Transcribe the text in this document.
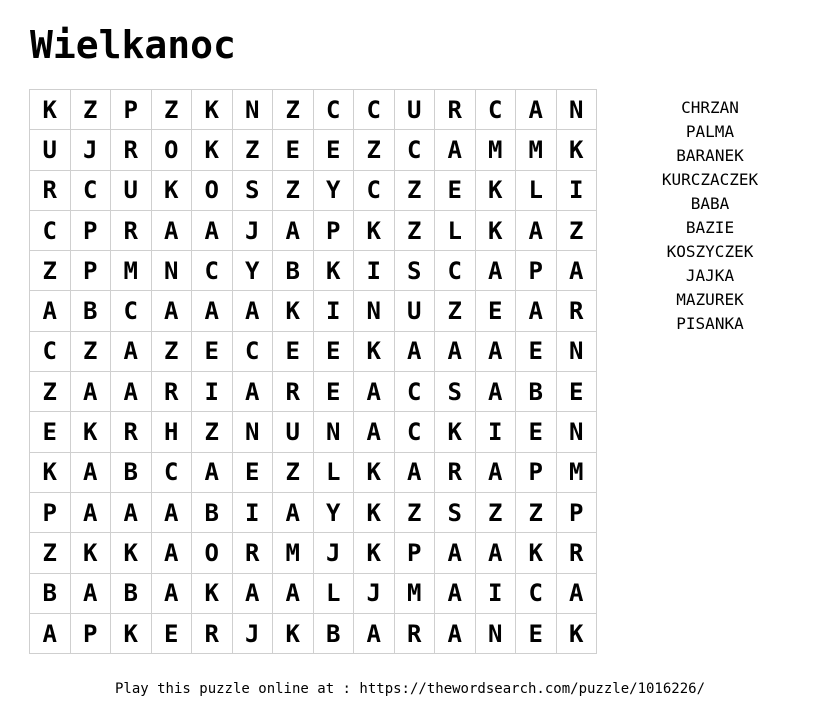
Wielkanoc
K	Z	P	Z	K	N	Z	C	C	U	R	C	A	N
U	J	R	O	K	Z	E	E	Z	C	A	M	M	K
R	C	U	K	O	S	Z	Y	C	Z	E	K	L	I
C	P	R	A	A	J	A	P	K	Z	L	K	A	Z
Z	P	M	N	C	Y	B	K	I	S	C	A	P	A
A	B	C	A	A	A	K	I	N	U	Z	E	A	R
C	Z	A	Z	E	C	E	E	K	A	A	A	E	N
Z	A	A	R	I	A	R	E	A	C	S	A	B	E
E	K	R	H	Z	N	U	N	A	C	K	I	E	N
K	A	B	C	A	E	Z	L	K	A	R	A	P	M
P	A	A	A	B	I	A	Y	K	Z	S	Z	Z	P
Z	K	K	A	O	R	M	J	K	P	A	A	K	R
B	A	B	A	K	A	A	L	J	M	A	I	C	A
A	P	K	E	R	J	K	B	A	R	A	N	E	K
CHRZAN
PALMA
BARANEK
KURCZACZEK
BABA
BAZIE
KOSZYCZEK
JAJKA
MAZUREK
PISANKA
Play this puzzle online at : https://thewordsearch.com/puzzle/1016226/
